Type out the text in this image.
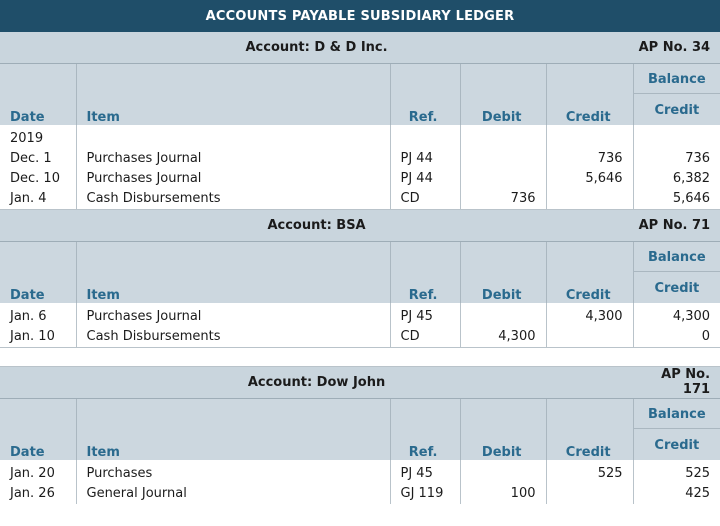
ACCOUNTS PAYABLE SUBSIDIARY LEDGER
Account: D & D Inc.					AP No. 34
Date	Item	Ref.	Debit	Credit	Balance
					Credit
2019					
Dec. 1	Purchases Journal	PJ 44		736	736
Dec. 10	Purchases Journal	PJ 44		5,646	6,382
Jan. 4	Cash Disbursements	CD	736		5,646
Account: BSA					AP No. 71
Date	Item	Ref.	Debit	Credit	Balance
					Credit
Jan. 6	Purchases Journal	PJ 45		4,300	4,300
Jan. 10	Cash Disbursements	CD	4,300		0
Account: Dow John					AP No. 171
Date	Item	Ref.	Debit	Credit	Balance
					Credit
Jan. 20	Purchases	PJ 45		525	525
Jan. 26	General Journal	GJ 119	100		425
